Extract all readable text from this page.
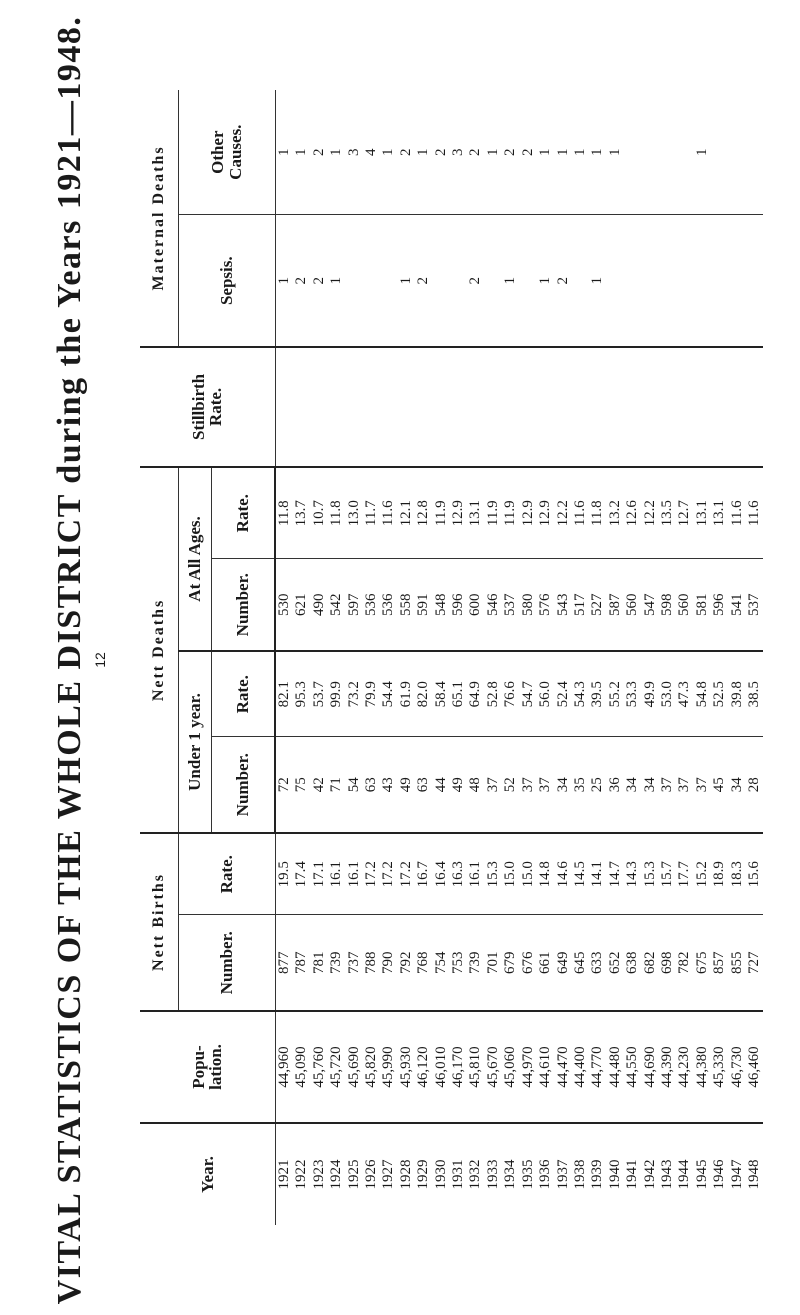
VITAL STATISTICS OF THE WHOLE DISTRICT during the Years 1921—1948. 12
Year.	Popu-
lation.	Nett Births		Nett Deaths				Stillbirth
Rate.	Maternal Deaths	
		Number.	Rate.	Under 1 year.		At All Ages.			Sepsis.	Other
Causes.

				Number.	Rate.	Number.	Rate.			
1921	44,960	877	19.5	72	82.1	530	11.8		1	1
1922	45,090	787	17.4	75	95.3	621	13.7		2	1
1923	45,760	781	17.1	42	53.7	490	10.7		2	2
1924	45,720	739	16.1	71	99.9	542	11.8		1	1
1925	45,690	737	16.1	54	73.2	597	13.0			3
1926	45,820	788	17.2	63	79.9	536	11.7			4
1927	45,990	790	17.2	43	54.4	536	11.6			1
1928	45,930	792	17.2	49	61.9	558	12.1		1	2
1929	46,120	768	16.7	63	82.0	591	12.8		2	1
1930	46,010	754	16.4	44	58.4	548	11.9			2
1931	46,170	753	16.3	49	65.1	596	12.9			3
1932	45,810	739	16.1	48	64.9	600	13.1		2	2
1933	45,670	701	15.3	37	52.8	546	11.9			1
1934	45,060	679	15.0	52	76.6	537	11.9		1	2
1935	44,970	676	15.0	37	54.7	580	12.9			2
1936	44,610	661	14.8	37	56.0	576	12.9		1	1
1937	44,470	649	14.6	34	52.4	543	12.2		2	1
1938	44,400	645	14.5	35	54.3	517	11.6			1
1939	44,770	633	14.1	25	39.5	527	11.8		1	1
1940	44,480	652	14.7	36	55.2	587	13.2			1
1941	44,550	638	14.3	34	53.3	560	12.6			
1942	44,690	682	15.3	34	49.9	547	12.2			
1943	44,390	698	15.7	37	53.0	598	13.5			
1944	44,230	782	17.7	37	47.3	560	12.7			
1945	44,380	675	15.2	37	54.8	581	13.1			1
1946	45,330	857	18.9	45	52.5	596	13.1			
1947	46,730	855	18.3	34	39.8	541	11.6			
1948	46,460	727	15.6	28	38.5	537	11.6			
